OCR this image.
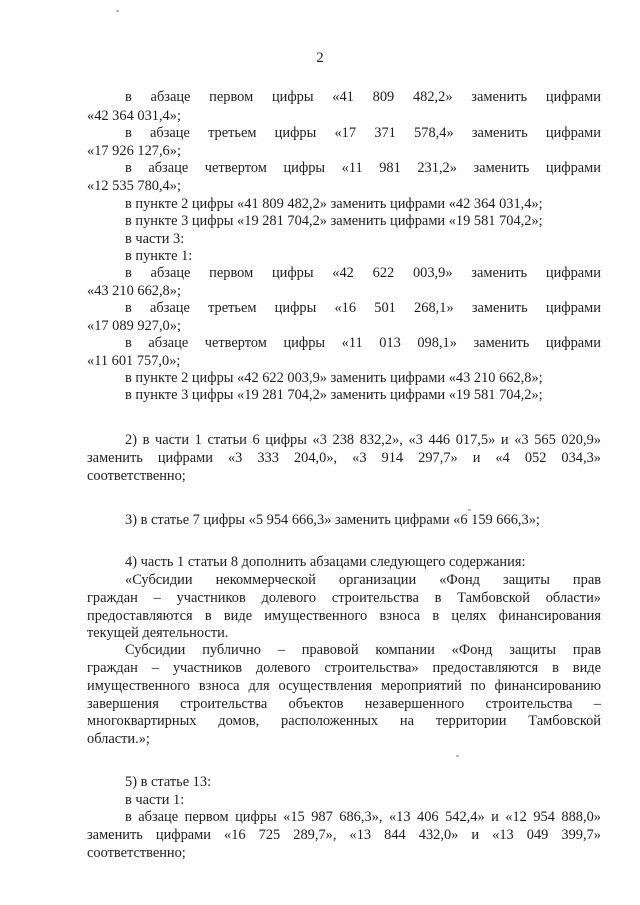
2
в абзаце первом цифры «41 809 482,2» заменить цифрами
«42 364 031,4»;
в абзаце третьем цифры «17 371 578,4» заменить цифрами
«17 926 127,6»;
в абзаце четвертом цифры «11 981 231,2» заменить цифрами
«12 535 780,4»;
в пункте 2 цифры «41 809 482,2» заменить цифрами «42 364 031,4»;
в пункте 3 цифры «19 281 704,2» заменить цифрами «19 581 704,2»;
в части 3:
в пункте 1:
в абзаце первом цифры «42 622 003,9» заменить цифрами
«43 210 662,8»;
в абзаце третьем цифры «16 501 268,1» заменить цифрами
«17 089 927,0»;
в абзаце четвертом цифры «11 013 098,1» заменить цифрами
«11 601 757,0»;
в пункте 2 цифры «42 622 003,9» заменить цифрами «43 210 662,8»;
в пункте 3 цифры «19 281 704,2» заменить цифрами «19 581 704,2»;
2) в части 1 статьи 6 цифры «3 238 832,2», «3 446 017,5» и «3 565 020,9»
заменить цифрами «3 333 204,0», «3 914 297,7» и «4 052 034,3»
соответственно;
3) в статье 7 цифры «5 954 666,3» заменить цифрами «6 159 666,3»;
4) часть 1 статьи 8 дополнить абзацами следующего содержания:
«Субсидии некоммерческой организации «Фонд защиты прав
граждан – участников долевого строительства в Тамбовской области»
предоставляются в виде имущественного взноса в целях финансирования
текущей деятельности.
Субсидии публично – правовой компании «Фонд защиты прав
граждан – участников долевого строительства» предоставляются в виде
имущественного взноса для осуществления мероприятий по финансированию
завершения строительства объектов незавершенного строительства –
многоквартирных домов, расположенных на территории Тамбовской
области.»;
5) в статье 13:
в части 1:
в абзаце первом цифры «15 987 686,3», «13 406 542,4» и «12 954 888,0»
заменить цифрами «16 725 289,7», «13 844 432,0» и «13 049 399,7»
соответственно;
